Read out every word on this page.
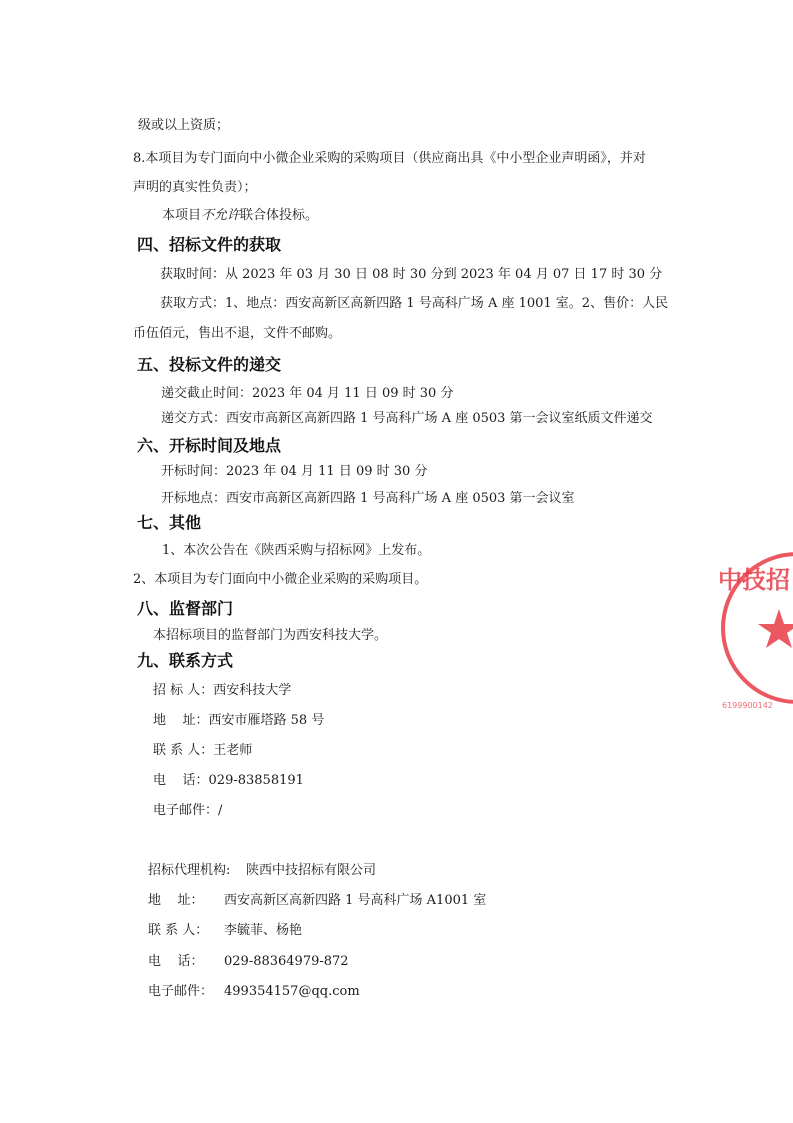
级或以上资质；
8.本项目为专门面向中小微企业采购的采购项目（供应商出具《中小型企业声明函》，并对
声明的真实性负责）；
本项目不允许联合体投标。
四、招标文件的获取
获取时间：从 2023 年 03 月 30 日 08 时 30 分到 2023 年 04 月 07 日 17 时 30 分
获取方式：1、地点：西安高新区高新四路 1 号高科广场 A 座 1001 室。2、售价：人民
币伍佰元，售出不退，文件不邮购。
五、投标文件的递交
递交截止时间：2023 年 04 月 11 日 09 时 30 分
递交方式：西安市高新区高新四路 1 号高科广场 A 座 0503 第一会议室纸质文件递交
六、开标时间及地点
开标时间：2023 年 04 月 11 日 09 时 30 分
开标地点：西安市高新区高新四路 1 号高科广场 A 座 0503 第一会议室
七、其他
1、本次公告在《陕西采购与招标网》上发布。
2、本项目为专门面向中小微企业采购的采购项目。
八、监督部门
本招标项目的监督部门为西安科技大学。
九、联系方式
招 标 人：西安科技大学
地    址：西安市雁塔路 58 号
联 系 人：王老师
电    话：029-83858191
电子邮件：/
招标代理机构: 陕西中技招标有限公司
地    址： 西安高新区高新四路 1 号高科广场 A1001 室
联 系 人： 李毓菲、杨艳
电    话： 029-88364979-872
电子邮件： 499354157@qq.com
中技招
6199900142
